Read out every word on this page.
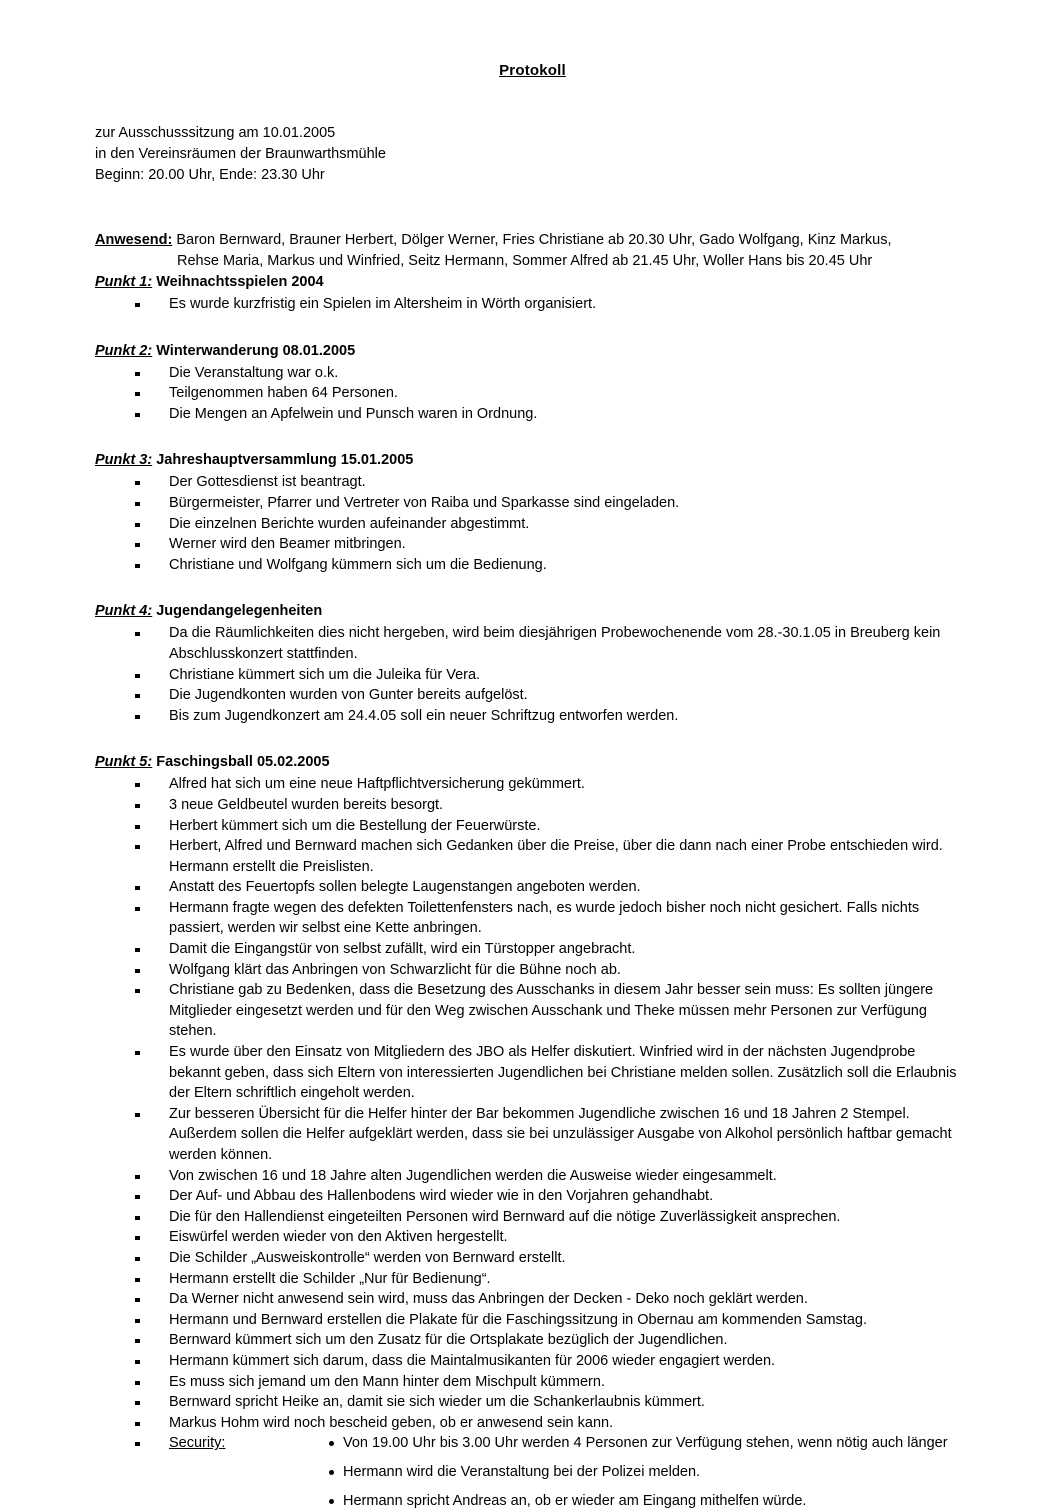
Protokoll
zur Ausschusssitzung am 10.01.2005
in den Vereinsräumen der Braunwarthsmühle
Beginn: 20.00 Uhr, Ende: 23.30 Uhr
Anwesend: Baron Bernward, Brauner Herbert, Dölger Werner, Fries Christiane ab 20.30 Uhr, Gado Wolfgang, Kinz Markus,
Rehse Maria, Markus und Winfried, Seitz Hermann, Sommer Alfred ab 21.45 Uhr, Woller Hans bis 20.45 Uhr
Punkt 1: Weihnachtsspielen 2004
Es wurde kurzfristig ein Spielen im Altersheim in Wörth organisiert.
Punkt 2: Winterwanderung 08.01.2005
Die Veranstaltung war o.k.
Teilgenommen haben 64 Personen.
Die Mengen an Apfelwein und Punsch waren in Ordnung.
Punkt 3: Jahreshauptversammlung 15.01.2005
Der Gottesdienst ist beantragt.
Bürgermeister, Pfarrer und Vertreter von Raiba und Sparkasse sind eingeladen.
Die einzelnen Berichte wurden aufeinander abgestimmt.
Werner wird den Beamer mitbringen.
Christiane und Wolfgang kümmern sich um die Bedienung.
Punkt 4: Jugendangelegenheiten
Da die Räumlichkeiten dies nicht hergeben, wird beim diesjährigen Probewochenende vom 28.-30.1.05 in Breuberg kein Abschlusskonzert stattfinden.
Christiane kümmert sich um die Juleika für Vera.
Die Jugendkonten wurden von Gunter bereits aufgelöst.
Bis zum Jugendkonzert am 24.4.05 soll ein neuer Schriftzug entworfen werden.
Punkt 5: Faschingsball 05.02.2005
Alfred hat sich um eine neue Haftpflichtversicherung gekümmert.
3 neue Geldbeutel wurden bereits besorgt.
Herbert kümmert sich um die Bestellung der Feuerwürste.
Herbert, Alfred und Bernward machen sich Gedanken über die Preise, über die dann nach einer Probe entschieden wird. Hermann erstellt die Preislisten.
Anstatt des Feuertopfs sollen belegte Laugenstangen angeboten werden.
Hermann fragte wegen des defekten Toilettenfensters nach, es wurde jedoch bisher noch nicht gesichert. Falls nichts passiert, werden wir selbst eine Kette anbringen.
Damit die Eingangstür von selbst zufällt, wird ein Türstopper angebracht.
Wolfgang klärt das Anbringen von Schwarzlicht für die Bühne noch ab.
Christiane gab zu Bedenken, dass die Besetzung des Ausschanks in diesem Jahr besser sein muss: Es sollten jüngere Mitglieder eingesetzt werden und für den Weg zwischen Ausschank und Theke müssen mehr Personen zur Verfügung stehen.
Es wurde über den Einsatz von Mitgliedern des JBO als Helfer diskutiert. Winfried wird in der nächsten Jugendprobe bekannt geben, dass sich Eltern von interessierten Jugendlichen bei Christiane melden sollen. Zusätzlich soll die Erlaubnis der Eltern schriftlich eingeholt werden.
Zur besseren Übersicht für die Helfer hinter der Bar bekommen Jugendliche zwischen 16 und 18 Jahren 2 Stempel. Außerdem sollen die Helfer aufgeklärt werden, dass sie bei unzulässiger Ausgabe von Alkohol persönlich haftbar gemacht werden können.
Von zwischen 16 und 18 Jahre alten Jugendlichen werden die Ausweise wieder eingesammelt.
Der Auf- und Abbau des Hallenbodens wird wieder wie in den Vorjahren gehandhabt.
Die für den Hallendienst eingeteilten Personen wird Bernward auf die nötige Zuverlässigkeit ansprechen.
Eiswürfel werden wieder von den Aktiven hergestellt.
Die Schilder „Ausweiskontrolle“ werden von Bernward erstellt.
Hermann erstellt die Schilder „Nur für Bedienung“.
Da Werner nicht anwesend sein wird, muss das Anbringen der Decken - Deko noch geklärt werden.
Hermann und Bernward erstellen die Plakate für die Faschingssitzung in Obernau am kommenden Samstag.
Bernward kümmert sich um den Zusatz für die Ortsplakate bezüglich der Jugendlichen.
Hermann kümmert sich darum, dass die Maintalmusikanten für 2006 wieder engagiert werden.
Es muss sich jemand um den Mann hinter dem Mischpult kümmern.
Bernward spricht Heike an, damit sie sich wieder um die Schankerlaubnis kümmert.
Markus Hohm wird noch bescheid geben, ob er anwesend sein kann.
Security:	Von 19.00 Uhr bis 3.00 Uhr werden 4 Personen zur Verfügung stehen, wenn nötig auch länger
Hermann wird die Veranstaltung bei der Polizei melden.
Hermann spricht Andreas an, ob er wieder am Eingang mithelfen würde.
